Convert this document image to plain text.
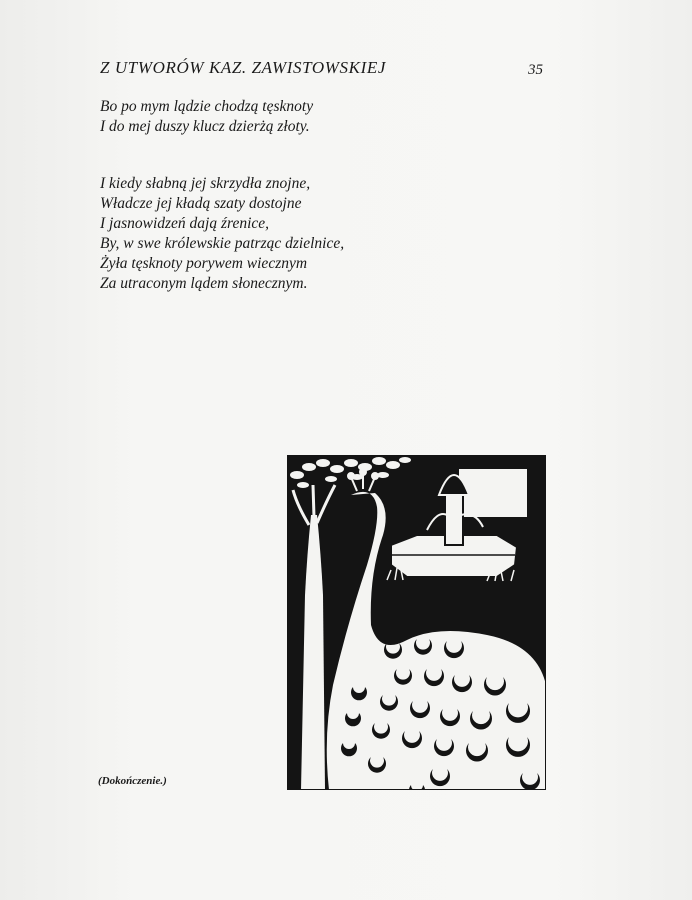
Z UTWORÓW KAZ. ZAWISTOWSKIEJ	35
Bo po mym lądzie chodzą tęsknoty
I do mej duszy klucz dzierżą złoty.
I kiedy słabną jej skrzydła znojne,
Władcze jej kładą szaty dostojne
I jasnowidzeń dają źrenice,
By, w swe królewskie patrząc dzielnice,
Żyła tęsknoty porywem wiecznym
Za utraconym lądem słonecznym.
(Dokończenie.)
